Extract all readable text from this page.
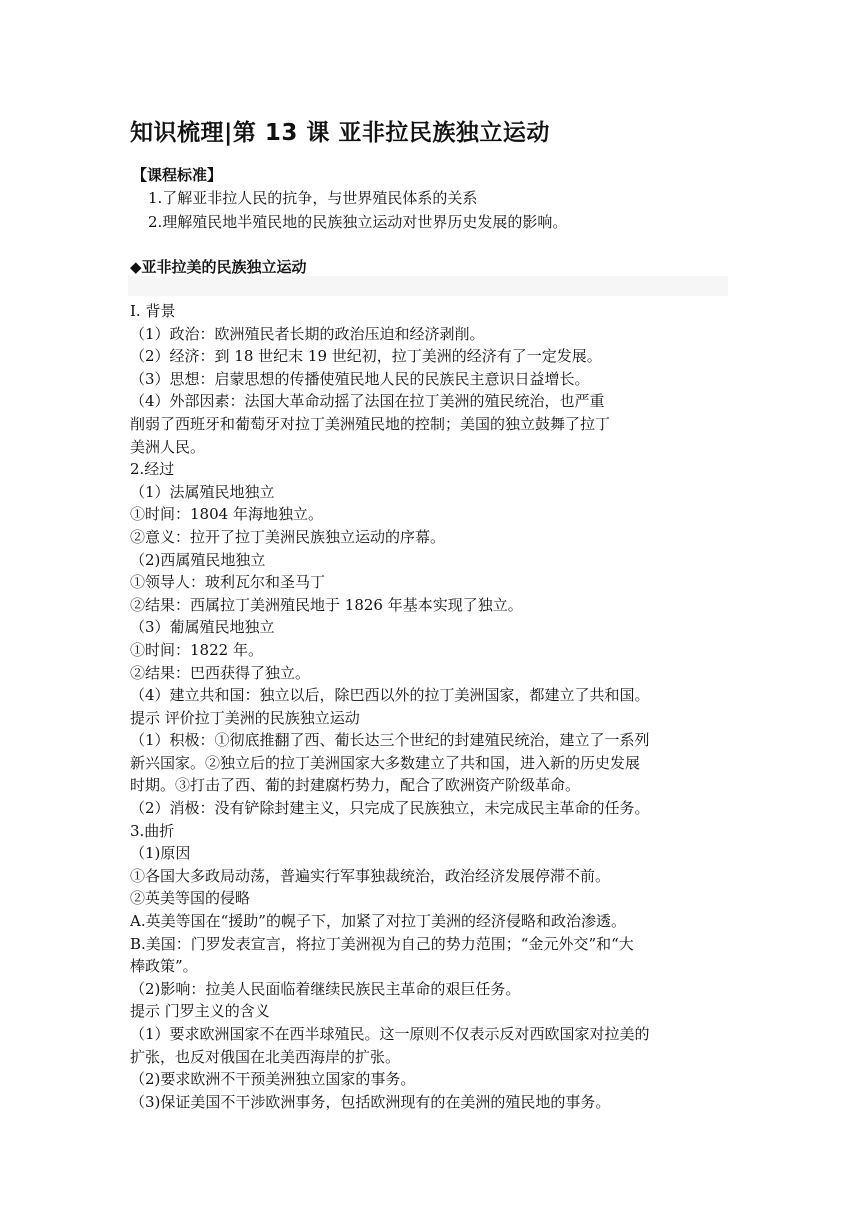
知识梳理|第 13 课 亚非拉民族独立运动
【课程标准】
1.了解亚非拉人民的抗争，与世界殖民体系的关系
2.理解殖民地半殖民地的民族独立运动对世界历史发展的影响。
◆亚非拉美的民族独立运动
I. 背景
（1）政治：欧洲殖民者长期的政治压迫和经济剥削。
（2）经济：到 18 世纪末 19 世纪初，拉丁美洲的经济有了一定发展。
（3）思想：启蒙思想的传播使殖民地人民的民族民主意识日益增长。
（4）外部因素：法国大革命动摇了法国在拉丁美洲的殖民统治，也严重
削弱了西班牙和葡萄牙对拉丁美洲殖民地的控制；美国的独立鼓舞了拉丁
美洲人民。
2.经过
（1）法属殖民地独立
①时间：1804 年海地独立。
②意义：拉开了拉丁美洲民族独立运动的序幕。
（2)西属殖民地独立
①领导人：玻利瓦尔和圣马丁
②结果：西属拉丁美洲殖民地于 1826 年基本实现了独立。
（3）葡属殖民地独立
①时间：1822 年。
②结果：巴西获得了独立。
（4）建立共和国：独立以后，除巴西以外的拉丁美洲国家，都建立了共和国。
提示 评价拉丁美洲的民族独立运动
（1）积极：①彻底推翻了西、葡长达三个世纪的封建殖民统治，建立了一系列
新兴国家。②独立后的拉丁美洲国家大多数建立了共和国，进入新的历史发展
时期。③打击了西、葡的封建腐朽势力，配合了欧洲资产阶级革命。
（2）消极：没有铲除封建主义，只完成了民族独立，未完成民主革命的任务。
3.曲折
（1)原因
①各国大多政局动荡，普遍实行军事独裁统治，政治经济发展停滞不前。
②英美等国的侵略
A.英美等国在“援助”的幌子下，加紧了对拉丁美洲的经济侵略和政治渗透。
B.美国：门罗发表宣言，将拉丁美洲视为自己的势力范围；“金元外交”和“大
棒政策”。
（2)影响：拉美人民面临着继续民族民主革命的艰巨任务。
提示 门罗主义的含义
（1）要求欧洲国家不在西半球殖民。这一原则不仅表示反对西欧国家对拉美的
扩张，也反对俄国在北美西海岸的扩张。
（2)要求欧洲不干预美洲独立国家的事务。
（3)保证美国不干涉欧洲事务，包括欧洲现有的在美洲的殖民地的事务。
